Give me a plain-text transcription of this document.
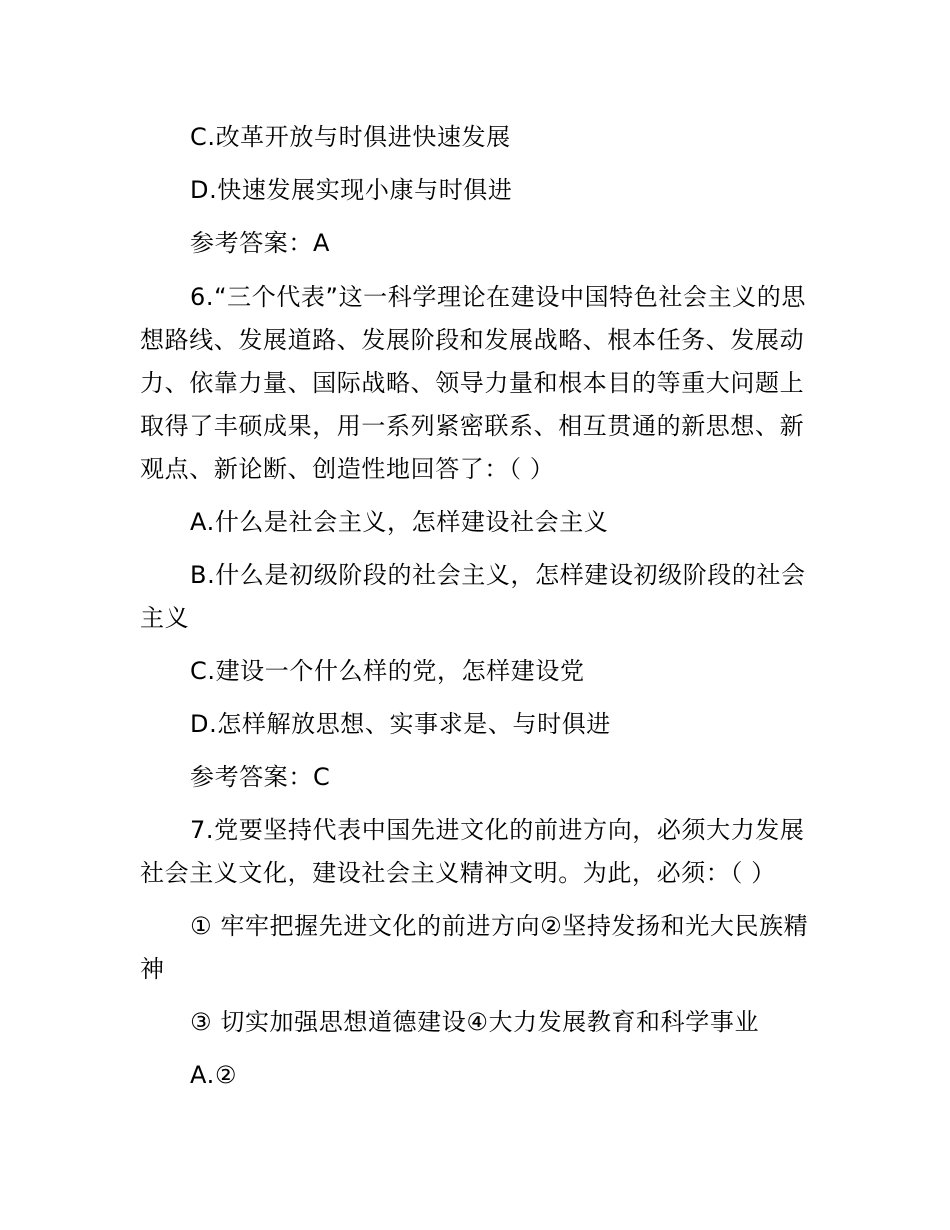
C.改革开放与时俱进快速发展

D.快速发展实现小康与时俱进

参考答案：A

6.“三个代表”这一科学理论在建设中国特色社会主义的思想路线、发展道路、发展阶段和发展战略、根本任务、发展动力、依靠力量、国际战略、领导力量和根本目的等重大问题上取得了丰硕成果，用一系列紧密联系、相互贯通的新思想、新观点、新论断、创造性地回答了：（ ）

A.什么是社会主义，怎样建设社会主义

B.什么是初级阶段的社会主义，怎样建设初级阶段的社会主义

C.建设一个什么样的党，怎样建设党

D.怎样解放思想、实事求是、与时俱进

参考答案：C

7.党要坚持代表中国先进文化的前进方向，必须大力发展社会主义文化，建设社会主义精神文明。为此，必须：（ ）

① 牢牢把握先进文化的前进方向②坚持发扬和光大民族精神

③ 切实加强思想道德建设④大力发展教育和科学事业

A.②
